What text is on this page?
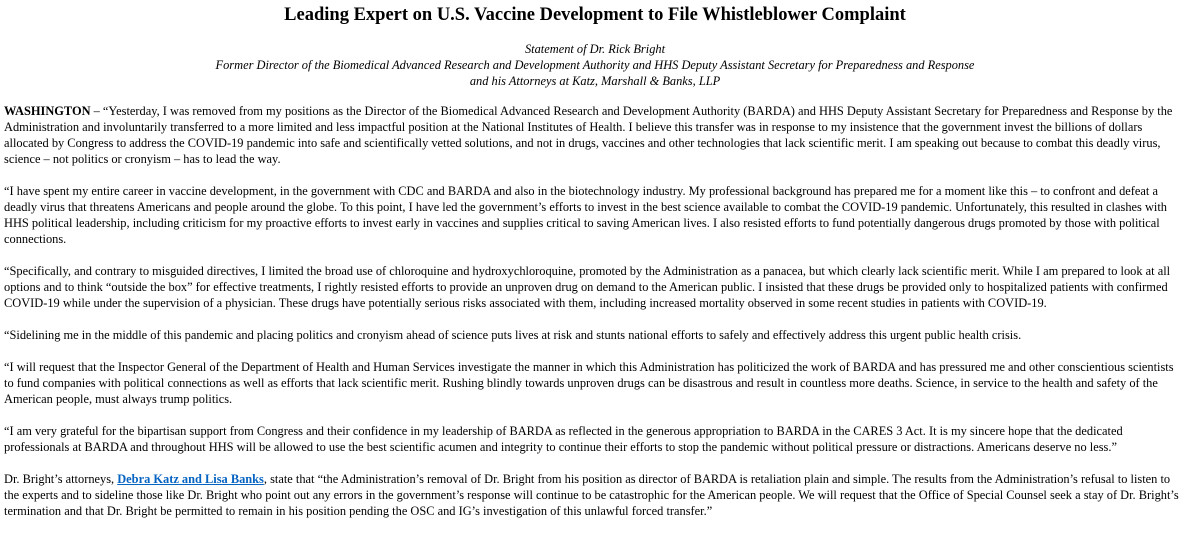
Leading Expert on U.S. Vaccine Development to File Whistleblower Complaint
Statement of Dr. Rick Bright
Former Director of the Biomedical Advanced Research and Development Authority and HHS Deputy Assistant Secretary for Preparedness and Response
and his Attorneys at Katz, Marshall & Banks, LLP

WASHINGTON – “Yesterday, I was removed from my positions as the Director of the Biomedical Advanced Research and Development Authority (BARDA) and HHS Deputy Assistant Secretary for Preparedness and Response by the Administration and involuntarily transferred to a more limited and less impactful position at the National Institutes of Health. I believe this transfer was in response to my insistence that the government invest the billions of dollars allocated by Congress to address the COVID-19 pandemic into safe and scientifically vetted solutions, and not in drugs, vaccines and other technologies that lack scientific merit. I am speaking out because to combat this deadly virus, science – not politics or cronyism – has to lead the way.

“I have spent my entire career in vaccine development, in the government with CDC and BARDA and also in the biotechnology industry. My professional background has prepared me for a moment like this – to confront and defeat a deadly virus that threatens Americans and people around the globe. To this point, I have led the government’s efforts to invest in the best science available to combat the COVID-19 pandemic. Unfortunately, this resulted in clashes with HHS political leadership, including criticism for my proactive efforts to invest early in vaccines and supplies critical to saving American lives. I also resisted efforts to fund potentially dangerous drugs promoted by those with political connections.

“Specifically, and contrary to misguided directives, I limited the broad use of chloroquine and hydroxychloroquine, promoted by the Administration as a panacea, but which clearly lack scientific merit. While I am prepared to look at all options and to think “outside the box” for effective treatments, I rightly resisted efforts to provide an unproven drug on demand to the American public. I insisted that these drugs be provided only to hospitalized patients with confirmed COVID-19 while under the supervision of a physician. These drugs have potentially serious risks associated with them, including increased mortality observed in some recent studies in patients with COVID-19.

“Sidelining me in the middle of this pandemic and placing politics and cronyism ahead of science puts lives at risk and stunts national efforts to safely and effectively address this urgent public health crisis.

“I will request that the Inspector General of the Department of Health and Human Services investigate the manner in which this Administration has politicized the work of BARDA and has pressured me and other conscientious scientists to fund companies with political connections as well as efforts that lack scientific merit. Rushing blindly towards unproven drugs can be disastrous and result in countless more deaths. Science, in service to the health and safety of the American people, must always trump politics.

“I am very grateful for the bipartisan support from Congress and their confidence in my leadership of BARDA as reflected in the generous appropriation to BARDA in the CARES 3 Act. It is my sincere hope that the dedicated professionals at BARDA and throughout HHS will be allowed to use the best scientific acumen and integrity to continue their efforts to stop the pandemic without political pressure or distractions. Americans deserve no less.”

Dr. Bright’s attorneys, Debra Katz and Lisa Banks, state that “the Administration’s removal of Dr. Bright from his position as director of BARDA is retaliation plain and simple. The results from the Administration’s refusal to listen to the experts and to sideline those like Dr. Bright who point out any errors in the government’s response will continue to be catastrophic for the American people. We will request that the Office of Special Counsel seek a stay of Dr. Bright’s termination and that Dr. Bright be permitted to remain in his position pending the OSC and IG’s investigation of this unlawful forced transfer.”
